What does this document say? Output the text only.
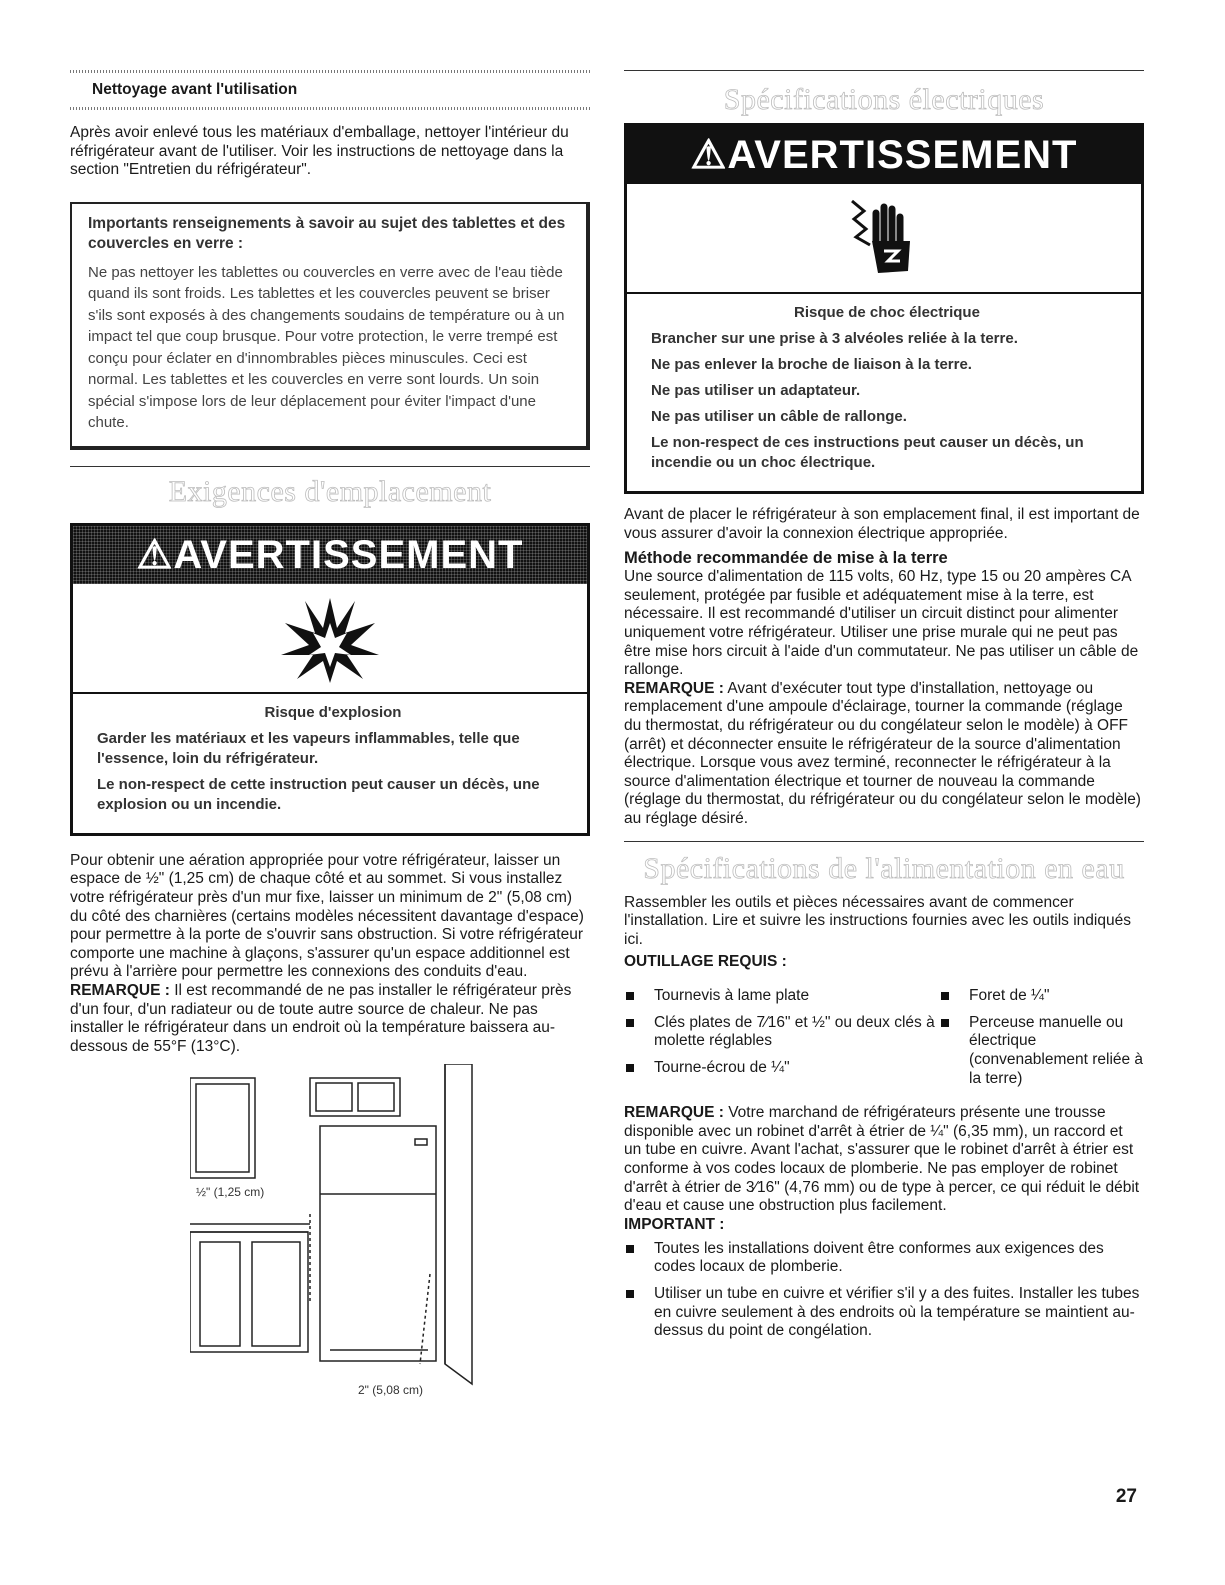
Nettoyage avant l'utilisation

Après avoir enlevé tous les matériaux d'emballage, nettoyer l'intérieur du réfrigérateur avant de l'utiliser. Voir les instructions de nettoyage dans la section "Entretien du réfrigérateur".

Importants renseignements à savoir au sujet des tablettes et des couvercles en verre :

Ne pas nettoyer les tablettes ou couvercles en verre avec de l'eau tiède quand ils sont froids. Les tablettes et les couvercles peuvent se briser s'ils sont exposés à des changements soudains de température ou à un impact tel que coup brusque. Pour votre protection, le verre trempé est conçu pour éclater en d'innombrables pièces minuscules. Ceci est normal. Les tablettes et les couvercles en verre sont lourds. Un soin spécial s'impose lors de leur déplacement pour éviter l'impact d'une chute.

Exigences d'emplacement
⚠AVERTISSEMENT
Risque d'explosion
Garder les matériaux et les vapeurs inflammables, telle que l'essence, loin du réfrigérateur.
Le non-respect de cette instruction peut causer un décès, une explosion ou un incendie.

Pour obtenir une aération appropriée pour votre réfrigérateur, laisser un espace de ½" (1,25 cm) de chaque côté et au sommet. Si vous installez votre réfrigérateur près d'un mur fixe, laisser un minimum de 2" (5,08 cm) du côté des charnières (certains modèles nécessitent davantage d'espace) pour permettre à la porte de s'ouvrir sans obstruction. Si votre réfrigérateur comporte une machine à glaçons, s'assurer qu'un espace additionnel est prévu à l'arrière pour permettre les connexions des conduits d'eau.

REMARQUE : Il est recommandé de ne pas installer le réfrigérateur près d'un four, d'un radiateur ou de toute autre source de chaleur. Ne pas installer le réfrigérateur dans un endroit où la température baissera au-dessous de 55°F (13°C).

½" (1,25 cm)
2" (5,08 cm)
Spécifications électriques
⚠AVERTISSEMENT
Risque de choc électrique
Brancher sur une prise à 3 alvéoles reliée à la terre.
Ne pas enlever la broche de liaison à la terre.
Ne pas utiliser un adaptateur.
Ne pas utiliser un câble de rallonge.
Le non-respect de ces instructions peut causer un décès, un incendie ou un choc électrique.

Avant de placer le réfrigérateur à son emplacement final, il est important de vous assurer d'avoir la connexion électrique appropriée.

Méthode recommandée de mise à la terre

Une source d'alimentation de 115 volts, 60 Hz, type 15 ou 20 ampères CA seulement, protégée par fusible et adéquatement mise à la terre, est nécessaire. Il est recommandé d'utiliser un circuit distinct pour alimenter uniquement votre réfrigérateur. Utiliser une prise murale qui ne peut pas être mise hors circuit à l'aide d'un commutateur. Ne pas utiliser un câble de rallonge.

REMARQUE : Avant d'exécuter tout type d'installation, nettoyage ou remplacement d'une ampoule d'éclairage, tourner la commande (réglage du thermostat, du réfrigérateur ou du congélateur selon le modèle) à OFF (arrêt) et déconnecter ensuite le réfrigérateur de la source d'alimentation électrique. Lorsque vous avez terminé, reconnecter le réfrigérateur à la source d'alimentation électrique et tourner de nouveau la commande (réglage du thermostat, du réfrigérateur ou du congélateur selon le modèle) au réglage désiré.

Spécifications de l'alimentation en eau

Rassembler les outils et pièces nécessaires avant de commencer l'installation. Lire et suivre les instructions fournies avec les outils indiqués ici.

OUTILLAGE REQUIS :
Tournevis à lame plate
Clés plates de 7⁄16" et ½" ou deux clés à molette réglables
Tourne-écrou de ¼"
Foret de ¼"
Perceuse manuelle ou électrique (convenablement reliée à la terre)

REMARQUE : Votre marchand de réfrigérateurs présente une trousse disponible avec un robinet d'arrêt à étrier de ¼" (6,35 mm), un raccord et un tube en cuivre. Avant l'achat, s'assurer que le robinet d'arrêt à étrier est conforme à vos codes locaux de plomberie. Ne pas employer de robinet d'arrêt à étrier de 3⁄16" (4,76 mm) ou de type à percer, ce qui réduit le débit d'eau et cause une obstruction plus facilement.

IMPORTANT :
Toutes les installations doivent être conformes aux exigences des codes locaux de plomberie.
Utiliser un tube en cuivre et vérifier s'il y a des fuites. Installer les tubes en cuivre seulement à des endroits où la température se maintient au-dessus du point de congélation.
27
